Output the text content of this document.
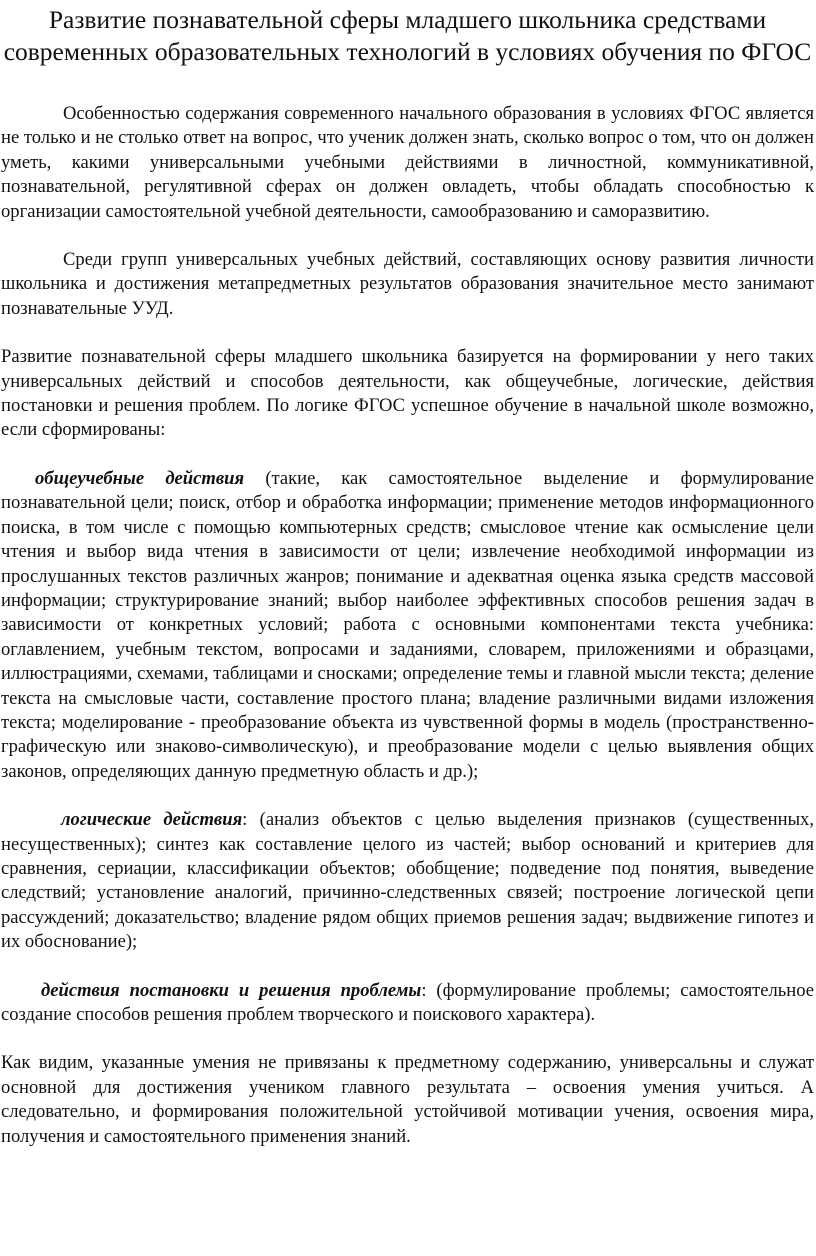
Развитие познавательной сферы младшего школьника средствами современных образовательных технологий в условиях обучения по ФГОС

Особенностью содержания современного начального образования в условиях ФГОС является не только и не столько ответ на вопрос, что ученик должен знать, сколько вопрос о том, что он должен уметь, какими универсальными учебными действиями в личностной, коммуникативной, познавательной, регулятивной сферах он должен овладеть, чтобы обладать способностью к организации самостоятельной учебной деятельности, самообразованию и саморазвитию.

Среди групп универсальных учебных действий, составляющих основу развития личности школьника и достижения метапредметных результатов образования значительное место занимают познавательные УУД.

Развитие познавательной сферы младшего школьника базируется на формировании у него таких универсальных действий и способов деятельности, как общеучебные, логические, действия постановки и решения проблем. По логике ФГОС успешное обучение в начальной школе возможно, если сформированы:

общеучебные действия (такие, как самостоятельное выделение и формулирование познавательной цели; поиск, отбор и обработка информации; применение методов информационного поиска, в том числе с помощью компьютерных средств; смысловое чтение как осмысление цели чтения и выбор вида чтения в зависимости от цели; извлечение необходимой информации из прослушанных текстов различных жанров; понимание и адекватная оценка языка средств массовой информации; структурирование знаний; выбор наиболее эффективных способов решения задач в зависимости от конкретных условий; работа с основными компонентами текста учебника: оглавлением, учебным текстом, вопросами и заданиями, словарем, приложениями и образцами, иллюстрациями, схемами, таблицами и сносками; определение темы и главной мысли текста; деление текста на смысловые части, составление простого плана; владение различными видами изложения текста; моделирование - преобразование объекта из чувственной формы в модель (пространственно-графическую или знаково-символическую), и преобразование модели с целью выявления общих законов, определяющих данную предметную область и др.);

логические действия: (анализ объектов с целью выделения признаков (существенных, несущественных); синтез как составление целого из частей; выбор оснований и критериев для сравнения, сериации, классификации объектов; обобщение; подведение под понятия, выведение следствий; установление аналогий, причинно-следственных связей; построение логической цепи рассуждений; доказательство; владение рядом общих приемов решения задач; выдвижение гипотез и их обоснование);

действия постановки и решения проблемы: (формулирование проблемы; самостоятельное создание способов решения проблем творческого и поискового характера).

Как видим, указанные умения не привязаны к предметному содержанию, универсальны и служат основной для достижения учеником главного результата – освоения умения учиться. А следовательно, и формирования положительной устойчивой мотивации учения, освоения мира, получения и самостоятельного применения знаний.
